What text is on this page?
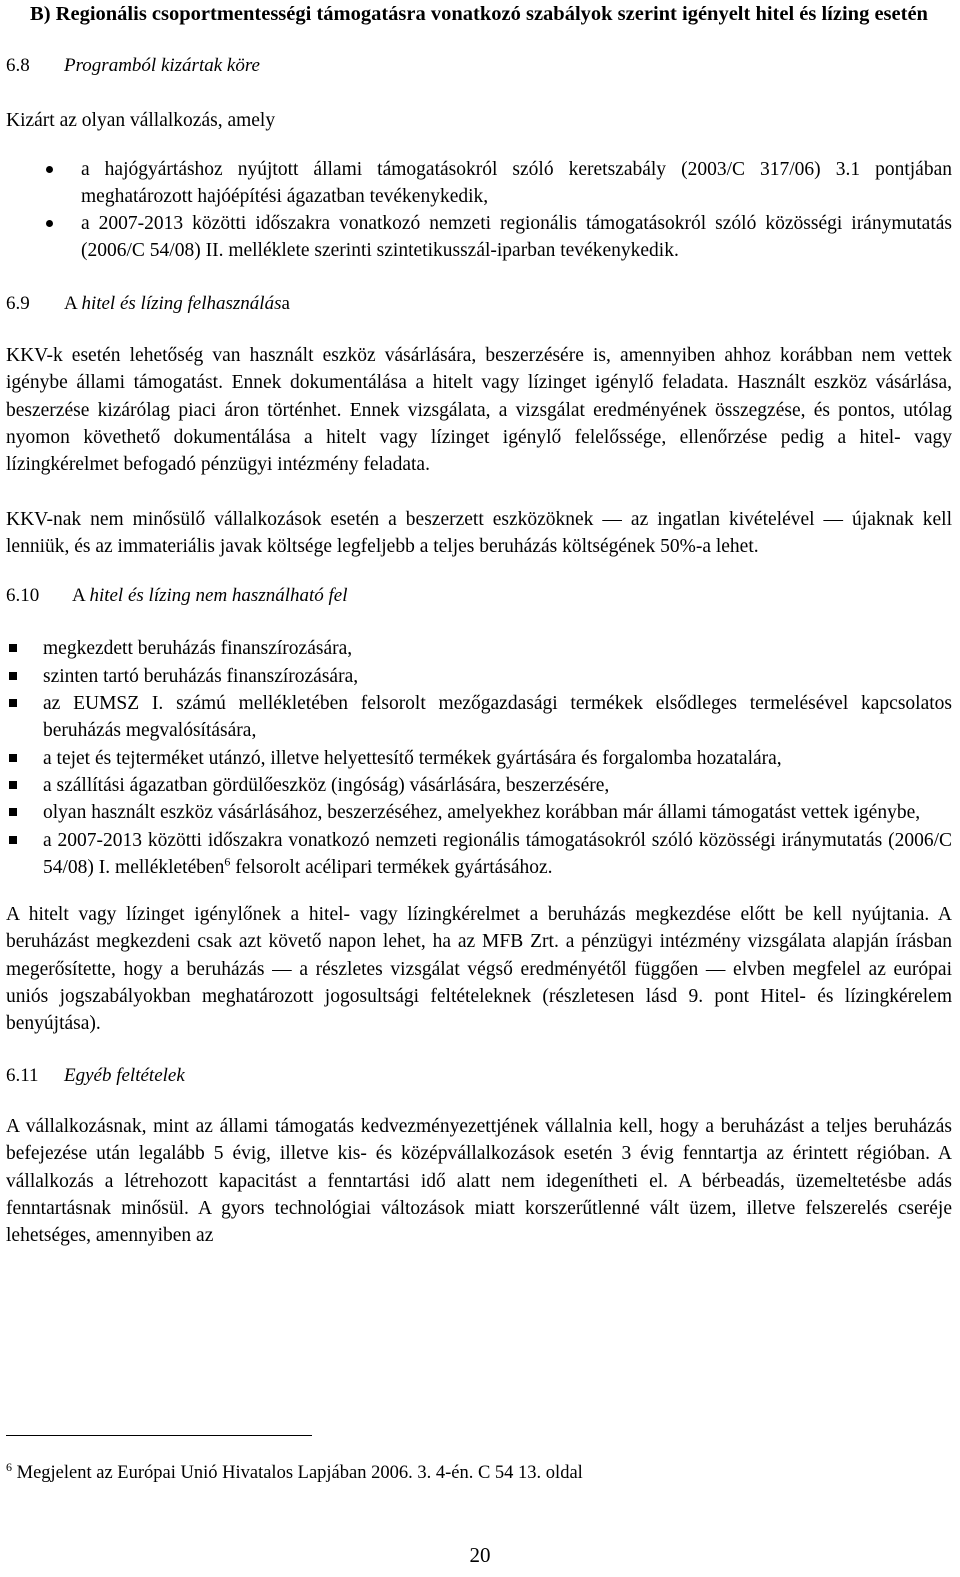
B) Regionális csoportmentességi támogatásra vonatkozó szabályok szerint igényelt hitel és lízing esetén
6.8 Programból kizártak köre

Kizárt az olyan vállalkozás, amely

a hajógyártáshoz nyújtott állami támogatásokról szóló keretszabály (2003/C 317/06) 3.1 pontjában meghatározott hajóépítési ágazatban tevékenykedik,
a 2007-2013 közötti időszakra vonatkozó nemzeti regionális támogatásokról szóló közösségi iránymutatás (2006/C 54/08) II. melléklete szerinti szintetikusszál-iparban tevékenykedik.
6.9 A hitel és lízing felhasználása

KKV-k esetén lehetőség van használt eszköz vásárlására, beszerzésére is, amennyiben ahhoz korábban nem vettek igénybe állami támogatást. Ennek dokumentálása a hitelt vagy lízinget igénylő feladata. Használt eszköz vásárlása, beszerzése kizárólag piaci áron történhet. Ennek vizsgálata, a vizsgálat eredményének összegzése, és pontos, utólag nyomon követhető dokumentálása a hitelt vagy lízinget igénylő felelőssége, ellenőrzése pedig a hitel- vagy lízingkérelmet befogadó pénzügyi intézmény feladata.

KKV-nak nem minősülő vállalkozások esetén a beszerzett eszközöknek ― az ingatlan kivételével ― újaknak kell lenniük, és az immateriális javak költsége legfeljebb a teljes beruházás költségének 50%-a lehet.

6.10 A hitel és lízing nem használható fel
megkezdett beruházás finanszírozására,
szinten tartó beruházás finanszírozására,
az EUMSZ I. számú mellékletében felsorolt mezőgazdasági termékek elsődleges termelésével kapcsolatos beruházás megvalósítására,
a tejet és tejterméket utánzó, illetve helyettesítő termékek gyártására és forgalomba hozatalára,
a szállítási ágazatban gördülőeszköz (ingóság) vásárlására, beszerzésére,
olyan használt eszköz vásárlásához, beszerzéséhez, amelyekhez korábban már állami támogatást vettek igénybe,
a 2007-2013 közötti időszakra vonatkozó nemzeti regionális támogatásokról szóló közösségi iránymutatás (2006/C 54/08) I. mellékletében$^6$ felsorolt acélipari termékek gyártásához.

A hitelt vagy lízinget igénylőnek a hitel- vagy lízingkérelmet a beruházás megkezdése előtt be kell nyújtania. A beruházást megkezdeni csak azt követő napon lehet, ha az MFB Zrt. a pénzügyi intézmény vizsgálata alapján írásban megerősítette, hogy a beruházás ― a részletes vizsgálat végső eredményétől függően ― elvben megfelel az európai uniós jogszabályokban meghatározott jogosultsági feltételeknek (részletesen lásd 9. pont Hitel- és lízingkérelem benyújtása).

6.11 Egyéb feltételek

A vállalkozásnak, mint az állami támogatás kedvezményezettjének vállalnia kell, hogy a beruházást a teljes beruházás befejezése után legalább 5 évig, illetve kis- és középvállalkozások esetén 3 évig fenntartja az érintett régióban. A vállalkozás a létrehozott kapacitást a fenntartási idő alatt nem idegenítheti el. A bérbeadás, üzemeltetésbe adás fenntartásnak minősül. A gyors technológiai változások miatt korszerűtlenné vált üzem, illetve felszerelés cseréje lehetséges, amennyiben az

$^6$ Megjelent az Európai Unió Hivatalos Lapjában 2006. 3. 4-én. C 54 13. oldal
20
